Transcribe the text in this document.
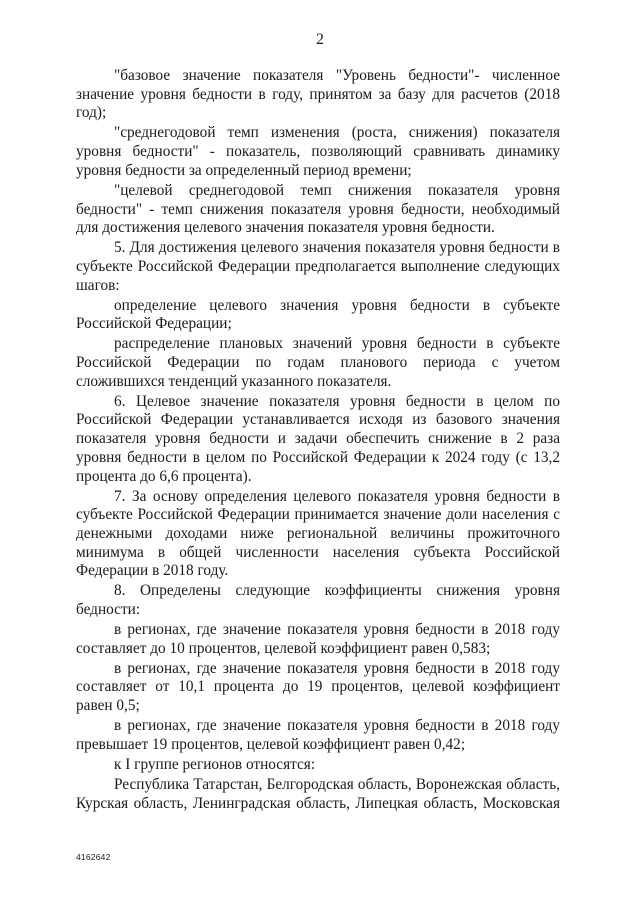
2

"базовое значение показателя "Уровень бедности"- численное значение уровня бедности в году, принятом за базу для расчетов (2018 год);

"среднегодовой темп изменения (роста, снижения) показателя уровня бедности" - показатель, позволяющий сравнивать динамику уровня бедности за определенный период времени;

"целевой среднегодовой темп снижения показателя уровня бедности" - темп снижения показателя уровня бедности, необходимый для достижения целевого значения показателя уровня бедности.

5. Для достижения целевого значения показателя уровня бедности в субъекте Российской Федерации предполагается выполнение следующих шагов:

определение целевого значения уровня бедности в субъекте Российской Федерации;

распределение плановых значений уровня бедности в субъекте Российской Федерации по годам планового периода с учетом сложившихся тенденций указанного показателя.

6. Целевое значение показателя уровня бедности в целом по Российской Федерации устанавливается исходя из базового значения показателя уровня бедности и задачи обеспечить снижение в 2 раза уровня бедности в целом по Российской Федерации к 2024 году (с 13,2 процента до 6,6 процента).

7. За основу определения целевого показателя уровня бедности в субъекте Российской Федерации принимается значение доли населения с денежными доходами ниже региональной величины прожиточного минимума в общей численности населения субъекта Российской Федерации в 2018 году.

8. Определены следующие коэффициенты снижения уровня бедности:

в регионах, где значение показателя уровня бедности в 2018 году составляет до 10 процентов, целевой коэффициент равен 0,583;

в регионах, где значение показателя уровня бедности в 2018 году составляет от 10,1 процента до 19 процентов, целевой коэффициент равен 0,5;

в регионах, где значение показателя уровня бедности в 2018 году превышает 19 процентов, целевой коэффициент равен 0,42;

к I группе регионов относятся:

Республика Татарстан, Белгородская область, Воронежская область, Курская область, Ленинградская область, Липецкая область, Московская

4162642
